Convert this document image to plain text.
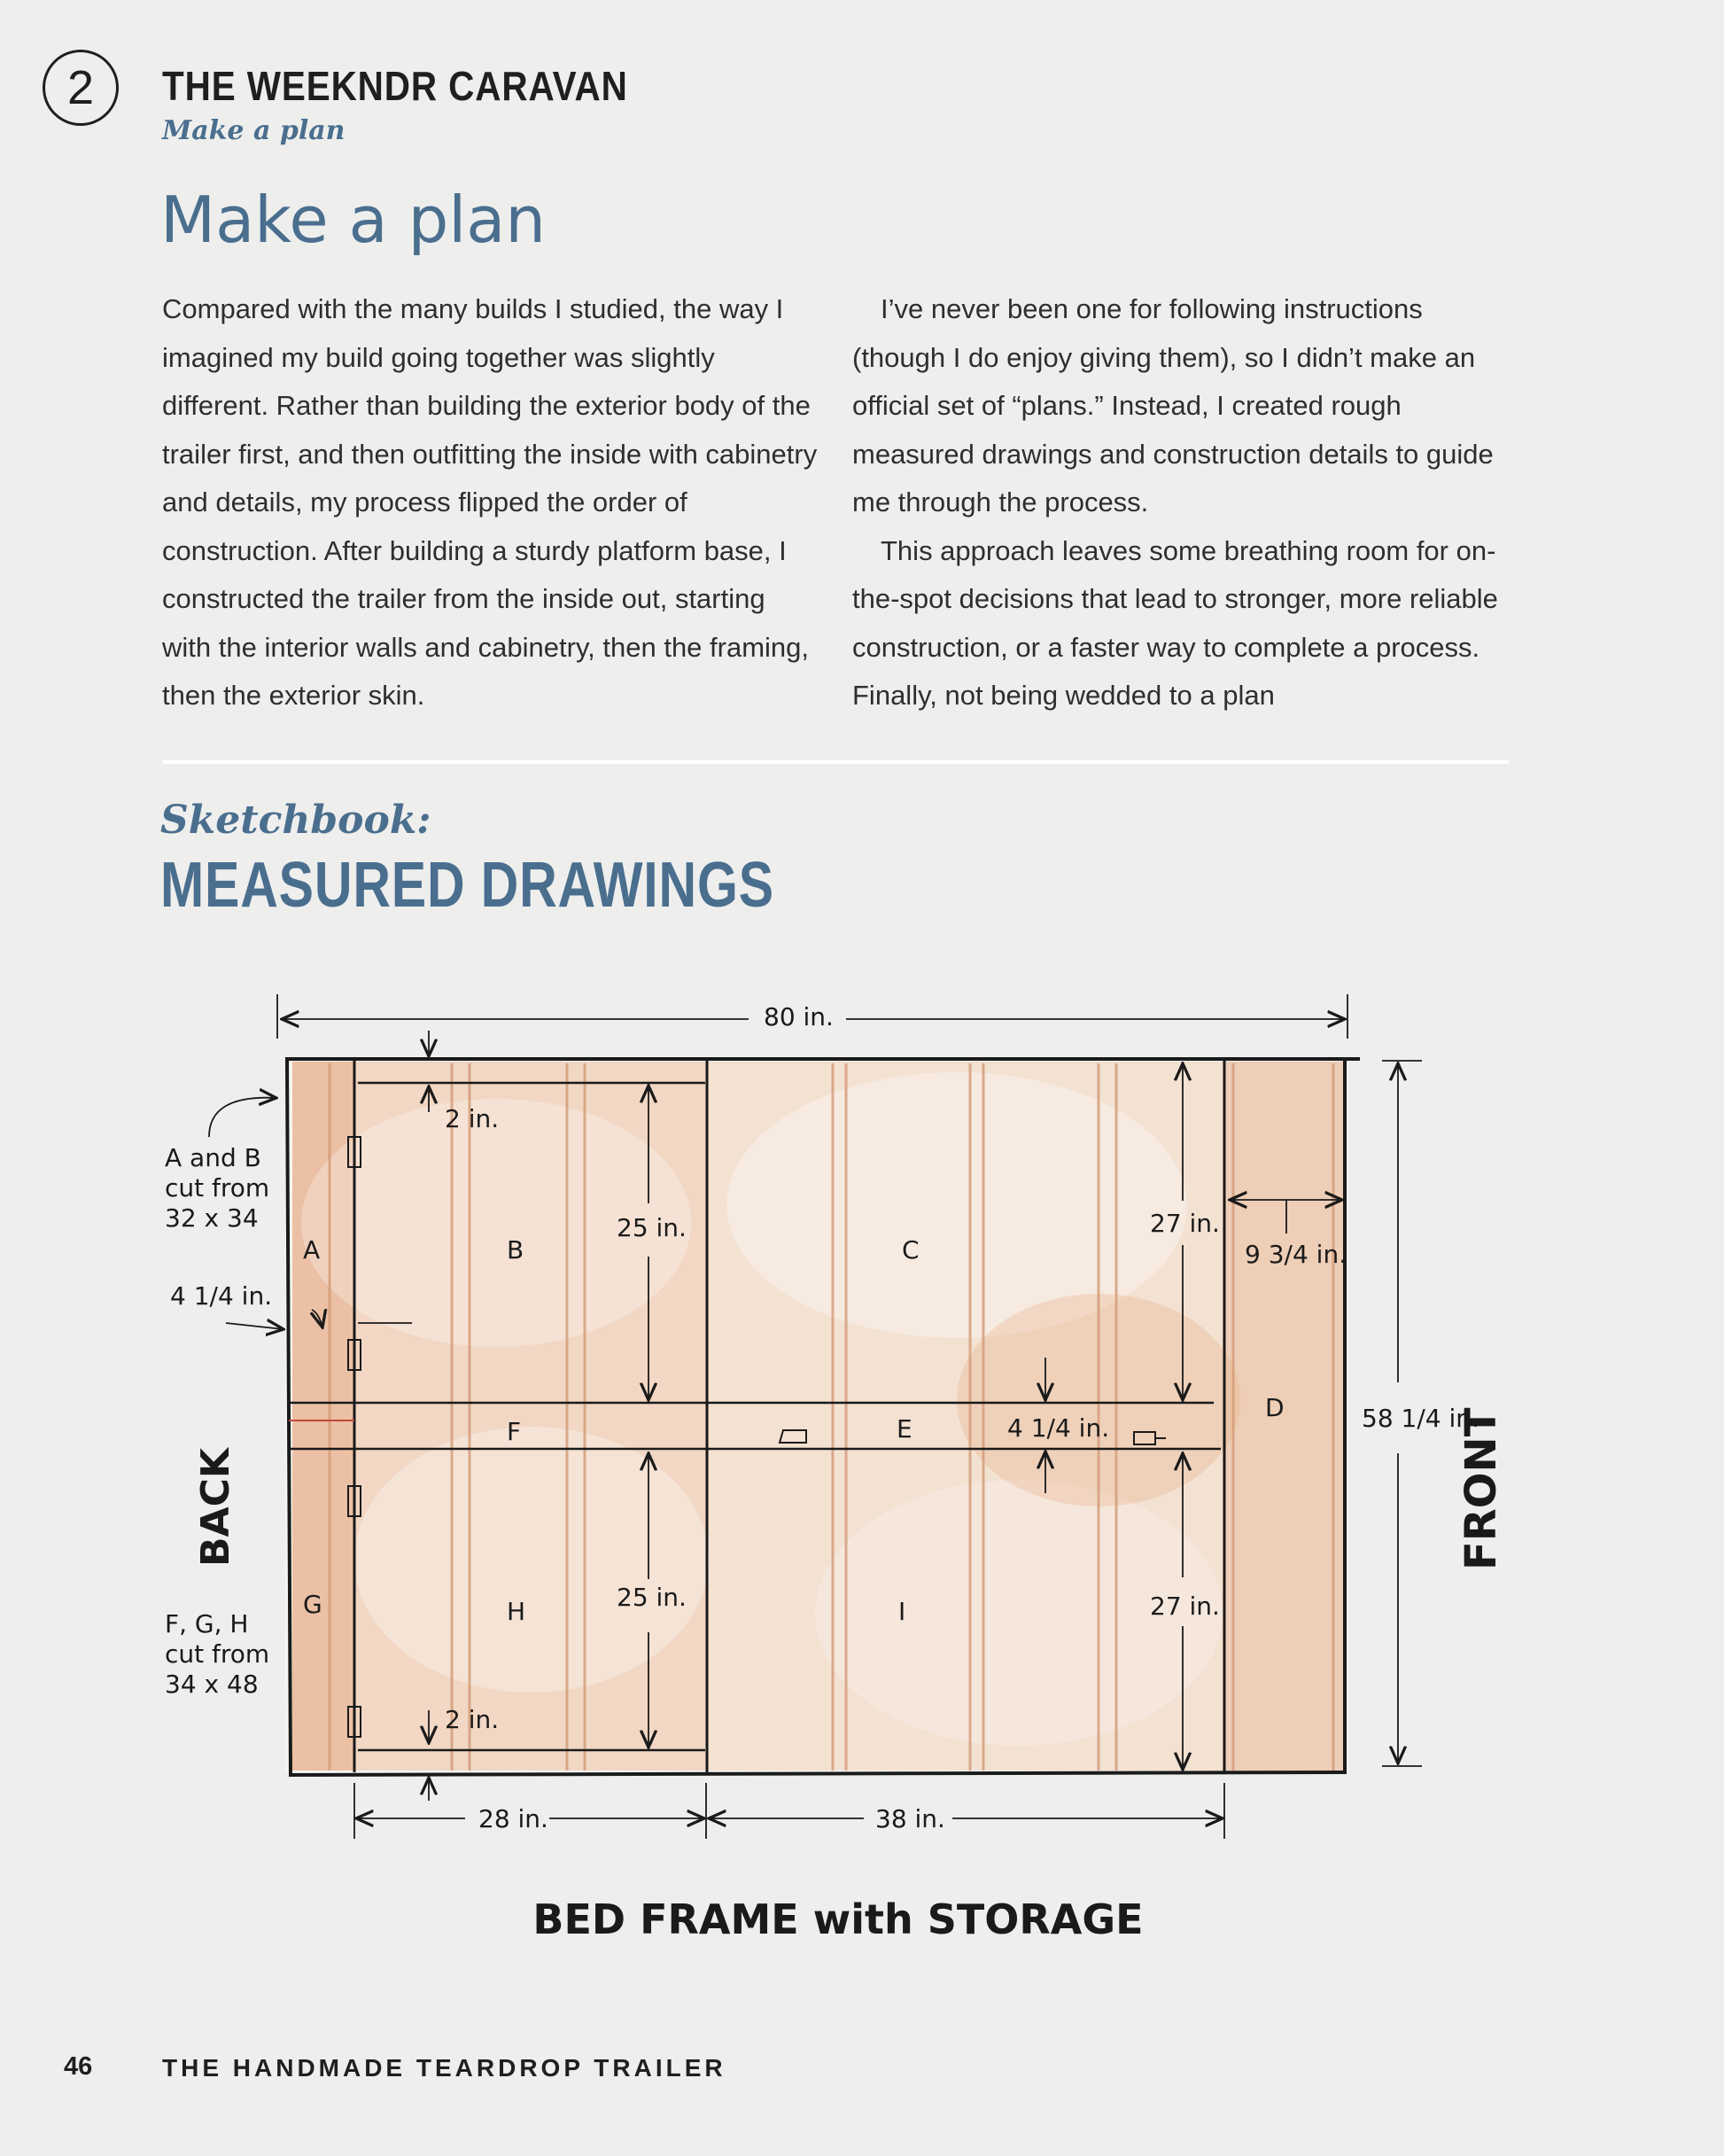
2 THE WEEKNDR CARAVAN
Make a plan
Make a plan

Compared with the many builds I studied, the way I imagined my build going together was slightly different. Rather than building the exterior body of the trailer first, and then outfitting the inside with cabinetry and details, my process flipped the order of construction. After building a sturdy platform base, I constructed the trailer from the inside out, starting with the interior walls and cabinetry, then the framing, then the exterior skin.

I’ve never been one for following instructions (though I do enjoy giving them), so I didn’t make an official set of “plans.” Instead, I created rough measured drawings and construction details to guide me through the process.

This approach leaves some breathing room for on-the-spot decisions that lead to stronger, more reliable construction, or a faster way to complete a process. Finally, not being wedded to a plan

Sketchbook:
MEASURED DRAWINGS
80 in.
2 in.
2 in.
25 in.
25 in.
27 in.
27 in.
9 3/4 in.
58 1/4 in.
4 1/4 in.
4 1/4 in.
28 in.	38 in.
A	B	C
D
E
F
G	H	I
A and B
cut from
32 x 34
F, G, H
cut from
34 x 48
BACK	FRONT
BED FRAME with STORAGE
46	THE HANDMADE TEARDROP TRAILER
